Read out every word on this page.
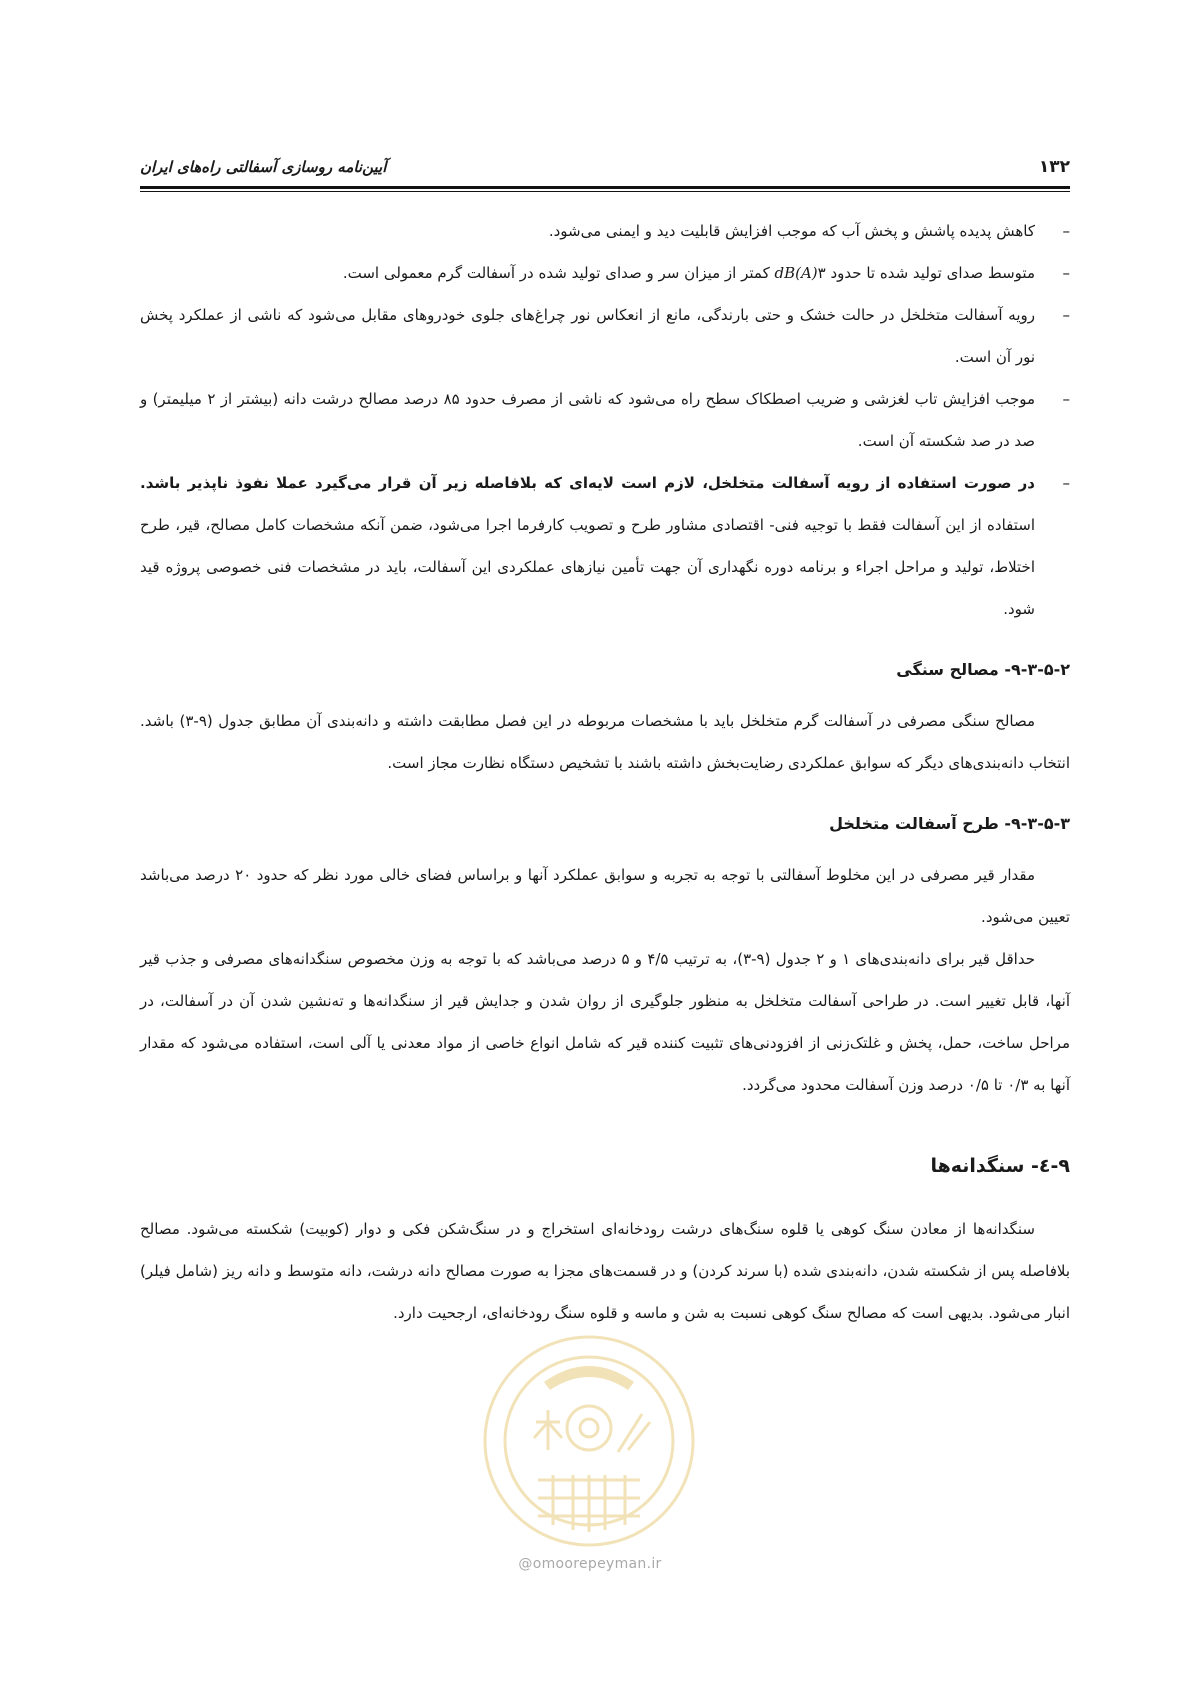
۱۳۲
آیین‌نامه روسازی آسفالتی راه‌های ایران

–
کاهش پدیده پاشش و پخش آب که موجب افزایش قابلیت دید و ایمنی می‌شود.

–
متوسط صدای تولید شده تا حدود ۳dB(A) کمتر از میزان سر و صدای تولید شده در آسفالت گرم معمولی است.

–
رویه آسفالت متخلخل در حالت خشک و حتی بارندگی، مانع از انعکاس نور چراغ‌های جلوی خودروهای مقابل می‌شود که ناشی از عملکرد پخش نور آن است.

–
موجب افزایش تاب لغزشی و ضریب اصطکاک سطح راه می‌شود که ناشی از مصرف حدود ۸۵ درصد مصالح درشت دانه (بیشتر از ۲ میلیمتر) و صد در صد شکسته آن است.

–
در صورت استفاده از رویه آسفالت متخلخل، لازم است لایه‌ای که بلافاصله زیر آن قرار می‌گیرد عملا نفوذ ناپذیر باشد. استفاده از این آسفالت فقط با توجیه فنی- اقتصادی مشاور طرح و تصویب کارفرما اجرا می‌شود، ضمن آنکه مشخصات کامل مصالح، قیر، طرح اختلاط، تولید و مراحل اجراء و برنامه دوره نگهداری آن جهت تأمین نیازهای عملکردی این آسفالت، باید در مشخصات فنی خصوصی پروژه قید شود.

۹-۳-۵-۲- مصالح سنگی

مصالح سنگی مصرفی در آسفالت گرم متخلخل باید با مشخصات مربوطه در این فصل مطابقت داشته و دانه‌بندی آن مطابق جدول (۹-۳) باشد. انتخاب دانه‌بندی‌های دیگر که سوابق عملکردی رضایت‌بخش داشته باشند با تشخیص دستگاه نظارت مجاز است.

۹-۳-۵-۳- طرح آسفالت متخلخل

مقدار قیر مصرفی در این مخلوط آسفالتی با توجه به تجربه و سوابق عملکرد آنها و براساس فضای خالی مورد نظر که حدود ۲۰ درصد می‌باشد تعیین می‌شود.

حداقل قیر برای دانه‌بندی‌های ۱ و ۲ جدول (۹-۳)، به ترتیب ۴/۵ و ۵ درصد می‌باشد که با توجه به وزن مخصوص سنگدانه‌های مصرفی و جذب قیر آنها، قابل تغییر است. در طراحی آسفالت متخلخل به منظور جلوگیری از روان شدن و جدایش قیر از سنگدانه‌ها و ته‌نشین شدن آن در آسفالت، در مراحل ساخت، حمل، پخش و غلتک‌زنی از افزودنی‌های تثبیت کننده قیر که شامل انواع خاصی از مواد معدنی یا آلی است، استفاده می‌شود که مقدار آنها به ۰/۳ تا ۰/۵ درصد وزن آسفالت محدود می‌گردد.

۹-٤- سنگدانه‌ها

سنگدانه‌ها از معادن سنگ کوهی یا قلوه سنگ‌های درشت رودخانه‌ای استخراج و در سنگ‌شکن فکی و دوار (کوبیت) شکسته می‌شود. مصالح بلافاصله پس از شکسته شدن، دانه‌بندی شده (با سرند کردن) و در قسمت‌های مجزا به صورت مصالح دانه درشت، دانه متوسط و دانه ریز (شامل فیلر) انبار می‌شود. بدیهی است که مصالح سنگ کوهی نسبت به شن و ماسه و قلوه سنگ رودخانه‌ای، ارجحیت دارد.

@omoorepeyman.ir
